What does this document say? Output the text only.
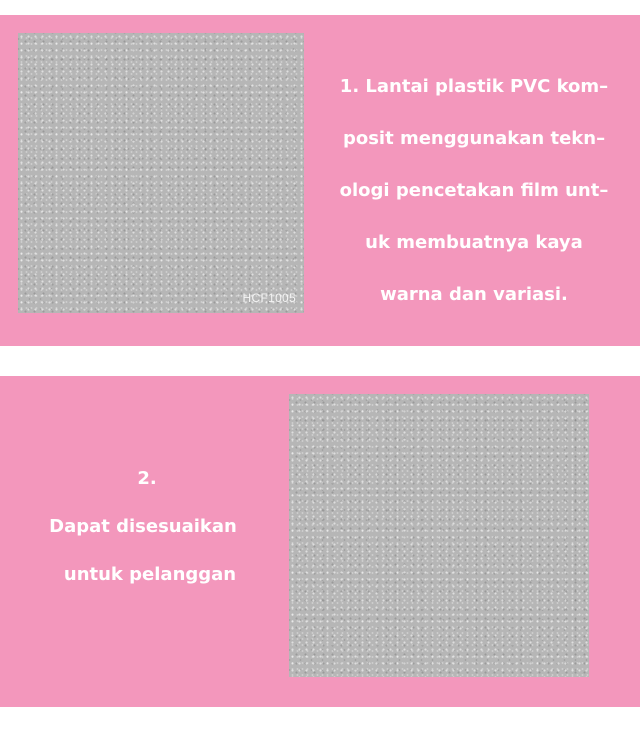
HCF1005
1. Lantai plastik PVC kom–
posit menggunakan tekn–
ologi pencetakan film unt–
uk membuatnya kaya
warna dan variasi.
2.
Dapat disesuaikan
untuk pelanggan
